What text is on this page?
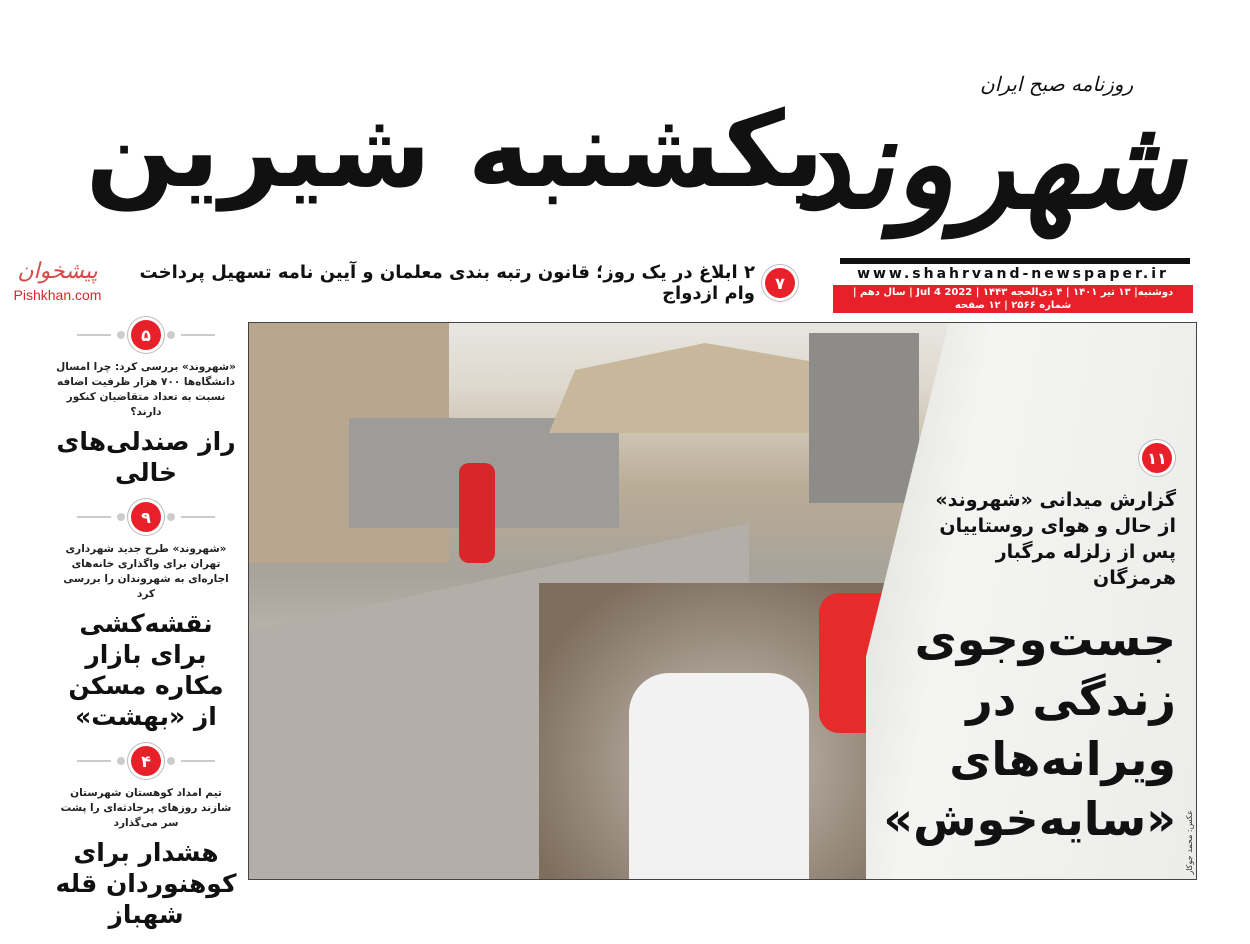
روزنامه صبح ایران
شهروند
www.shahrvand-newspaper.ir
دوشنبه| ۱۳ تیر ۱۴۰۱ | ۴ ذی‌الحجه ۱۴۴۳ | 2022 Jul 4 | سال دهم | شماره ۲۵۶۶ | ۱۲ صفحه
یکشنبه شیرین
۷
۲ ابلاغ در یک روز؛ قانون رتبه بندی معلمان و آیین نامه تسهیل پرداخت وام ازدواج
پیشخوان
Pishkhan.com
۱۱
گزارش میدانی «شهروند» از حال و هوای روستاییان پس از زلزله مرگبار هرمزگان
جست‌وجوی زندگی در ویرانه‌های «سایه‌خوش» عکس: محمد جوکار
۵
«شهروند» بررسی کرد: چرا امسال دانشگاه‌ها ۷۰۰ هزار ظرفیت اضافه نسبت به تعداد متقاضیان کنکور دارند؟
راز صندلی‌های خالی
۹
«شهروند» طرح جدید شهرداری تهران برای واگذاری خانه‌های اجاره‌ای به شهروندان را بررسی کرد
نقشه‌کشی برای بازار مکاره مسکن از «بهشت»
۴
تیم امداد کوهستان شهرستان شازند روزهای پرحادثه‌ای را پشت سر می‌گذارد
هشدار برای کوهنوردان قله شهباز
